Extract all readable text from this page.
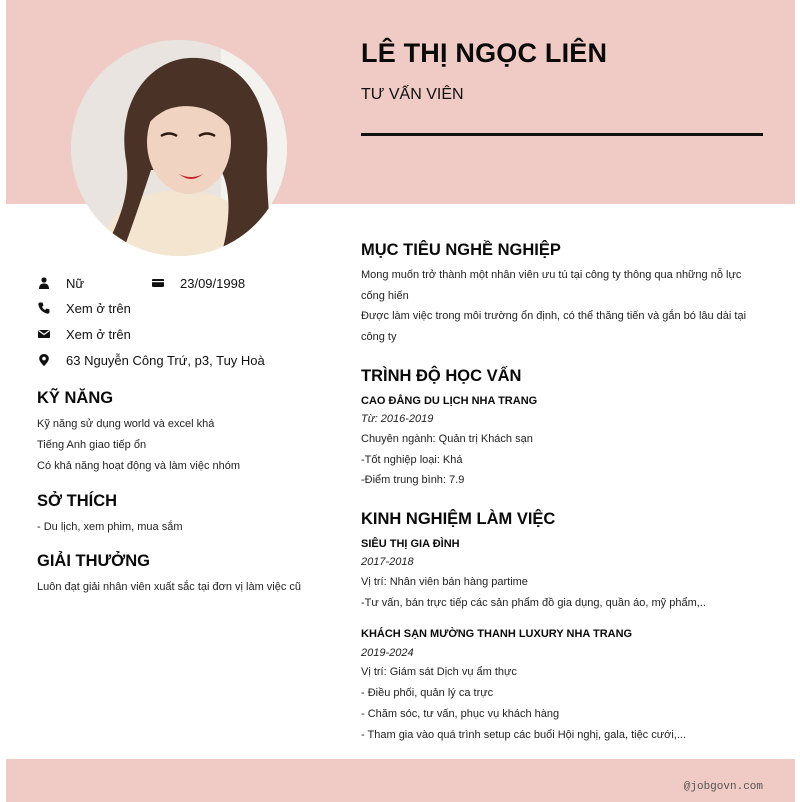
LÊ THỊ NGỌC LIÊN
TƯ VẤN VIÊN
Nữ	23/09/1998
Xem ở trên
Xem ở trên
63 Nguyễn Công Trứ, p3, Tuy Hoà
KỸ NĂNG
Kỹ năng sử dụng world và excel khá
Tiếng Anh giao tiếp ổn
Có khả năng hoạt động và làm việc nhóm
SỞ THÍCH
- Du lịch, xem phim, mua sắm
GIẢI THƯỞNG
Luôn đạt giải nhân viên xuất sắc tại đơn vị làm việc cũ
MỤC TIÊU NGHỀ NGHIỆP
Mong muốn trở thành một nhân viên ưu tú tại công ty thông qua những nỗ lực
cống hiến
Được làm việc trong môi trường ổn định, có thể thăng tiến và gắn bó lâu dài tại
công ty
TRÌNH ĐỘ HỌC VẤN
CAO ĐẲNG DU LỊCH NHA TRANG
Từ: 2016-2019
Chuyên ngành: Quản trị Khách sạn
-Tốt nghiệp loại: Khá
-Điểm trung bình: 7.9
KINH NGHIỆM LÀM VIỆC
SIÊU THỊ GIA ĐÌNH
2017-2018
Vị trí: Nhân viên bán hàng partime
-Tư vấn, bán trực tiếp các sản phẩm đồ gia dụng, quần áo, mỹ phẩm,..
KHÁCH SẠN MƯỜNG THANH LUXURY NHA TRANG
2019-2024
Vị trí: Giám sát Dịch vụ ẩm thực
- Điều phối, quản lý ca trực
- Chăm sóc, tư vấn, phục vụ khách hàng
- Tham gia vào quá trình setup các buổi Hội nghị, gala, tiệc cưới,...
@jobgovn.com
